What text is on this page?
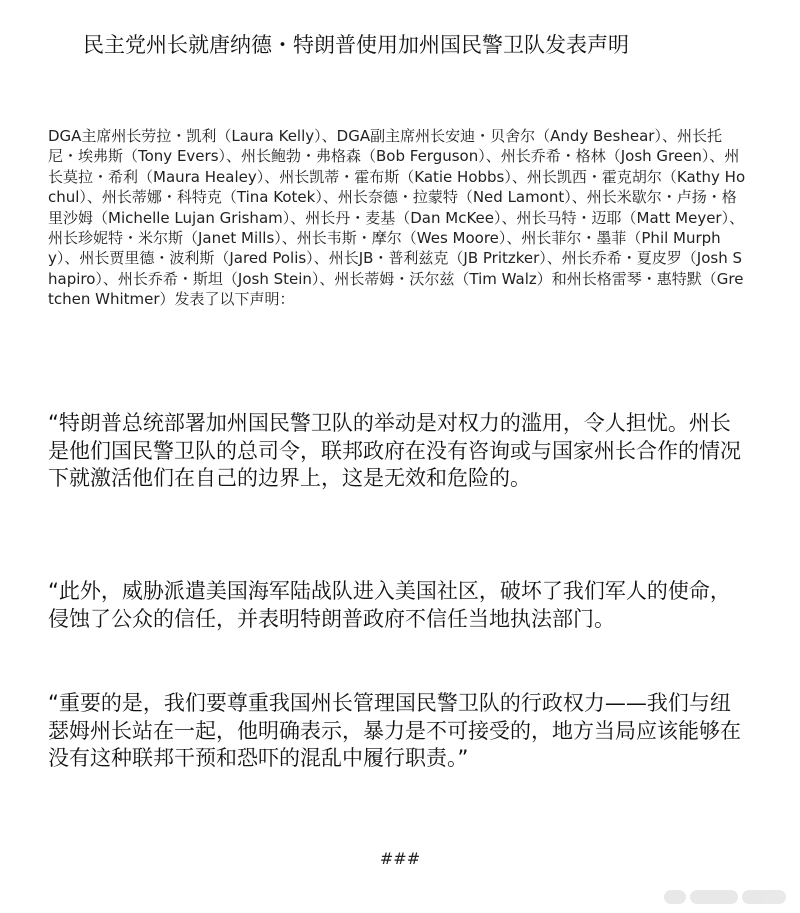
民主党州长就唐纳德・特朗普使用加州国民警卫队发表声明
DGA主席州长劳拉・凯利（Laura Kelly）、DGA副主席州长安迪・贝舍尔（Andy Beshear）、州长托尼・埃弗斯（Tony Evers）、州长鲍勃・弗格森（Bob Ferguson）、州长乔希・格林（Josh Green）、州长莫拉・希利（Maura Healey）、州长凯蒂・霍布斯（Katie Hobbs）、州长凯西・霍克胡尔（Kathy Hochul）、州长蒂娜・科特克（Tina Kotek）、州长奈德・拉蒙特（Ned Lamont）、州长米歇尔・卢扬・格里沙姆（Michelle Lujan Grisham）、州长丹・麦基（Dan McKee）、州长马特・迈耶（Matt Meyer）、州长珍妮特・米尔斯（Janet Mills）、州长韦斯・摩尔（Wes Moore）、州长菲尔・墨菲（Phil Murphy）、州长贾里德・波利斯（Jared Polis）、州长JB・普利兹克（JB Pritzker）、州长乔希・夏皮罗（Josh Shapiro）、州长乔希・斯坦（Josh Stein）、州长蒂姆・沃尔兹（Tim Walz）和州长格雷琴・惠特默（Gretchen Whitmer）发表了以下声明：
“特朗普总统部署加州国民警卫队的举动是对权力的滥用，令人担忧。州长是他们国民警卫队的总司令，联邦政府在没有咨询或与国家州长合作的情况下就激活他们在自己的边界上，这是无效和危险的。
“此外，威胁派遣美国海军陆战队进入美国社区，破坏了我们军人的使命，侵蚀了公众的信任，并表明特朗普政府不信任当地执法部门。
“重要的是，我们要尊重我国州长管理国民警卫队的行政权力——我们与纽瑟姆州长站在一起，他明确表示，暴力是不可接受的，地方当局应该能够在没有这种联邦干预和恐吓的混乱中履行职责。”
###
